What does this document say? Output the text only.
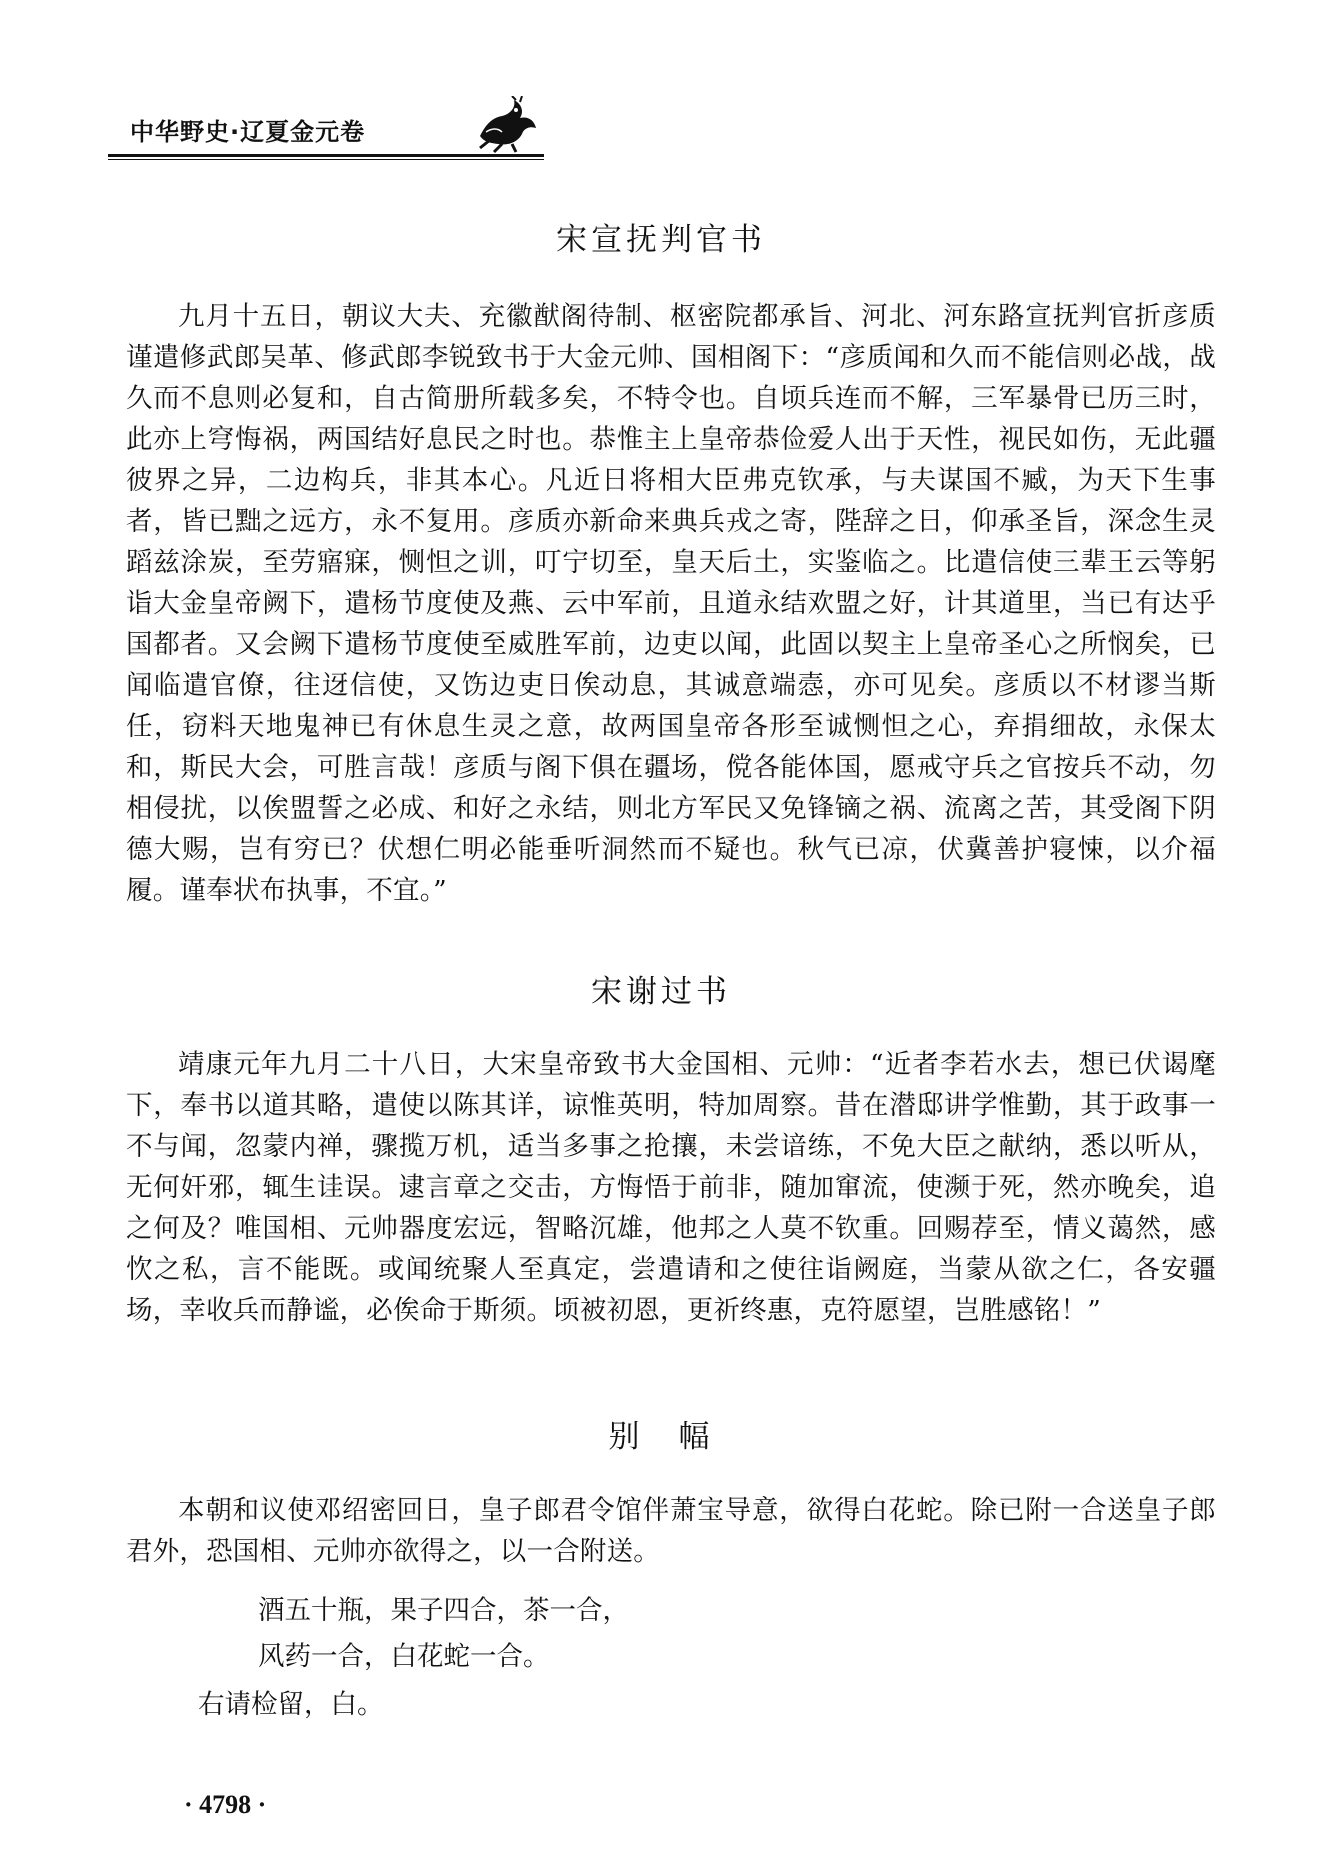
中华野史·辽夏金元卷
宋宣抚判官书
九月十五日，朝议大夫、充徽猷阁待制、枢密院都承旨、河北、河东路宣抚判官折彦质谨遣修武郎吴革、修武郎李锐致书于大金元帅、国相阁下：“彦质闻和久而不能信则必战，战久而不息则必复和，自古简册所载多矣，不特令也。自顷兵连而不解，三军暴骨已历三时，此亦上穹悔祸，两国结好息民之时也。恭惟主上皇帝恭俭爱人出于天性，视民如伤，无此疆彼界之异，二边构兵，非其本心。凡近日将相大臣弗克钦承，与夫谋国不臧，为天下生事者，皆已黜之远方，永不复用。彦质亦新命来典兵戎之寄，陛辞之日，仰承圣旨，深念生灵蹈兹涂炭，至劳寤寐，恻怛之训，叮宁切至，皇天后土，实鉴临之。比遣信使三辈王云等躬诣大金皇帝阙下，遣杨节度使及燕、云中军前，且道永结欢盟之好，计其道里，当已有达乎国都者。又会阙下遣杨节度使至威胜军前，边吏以闻，此固以契主上皇帝圣心之所悯矣，已闻临遣官僚，往迓信使，又饬边吏日俟动息，其诚意端悫，亦可见矣。彦质以不材谬当斯任，窃料天地鬼神已有休息生灵之意，故两国皇帝各形至诚恻怛之心，弃捐细故，永保太和，斯民大会，可胜言哉！彦质与阁下俱在疆场，傥各能体国，愿戒守兵之官按兵不动，勿相侵扰，以俟盟誓之必成、和好之永结，则北方军民又免锋镝之祸、流离之苦，其受阁下阴德大赐，岂有穷已？伏想仁明必能垂听洞然而不疑也。秋气已凉，伏冀善护寝悚，以介福履。谨奉状布执事，不宜。”
宋谢过书
靖康元年九月二十八日，大宋皇帝致书大金国相、元帅：“近者李若水去，想已伏谒麾下，奉书以道其略，遣使以陈其详，谅惟英明，特加周察。昔在潜邸讲学惟勤，其于政事一不与闻，忽蒙内禅，骤揽万机，适当多事之抢攘，未尝谙练，不免大臣之献纳，悉以听从，无何奸邪，辄生诖误。逮言章之交击，方悔悟于前非，随加窜流，使濒于死，然亦晚矣，追之何及？唯国相、元帅器度宏远，智略沉雄，他邦之人莫不钦重。回赐荐至，情义蔼然，感忺之私，言不能既。或闻统聚人至真定，尝遣请和之使往诣阙庭，当蒙从欲之仁，各安疆场，幸收兵而静谧，必俟命于斯须。顷被初恩，更祈终惠，克符愿望，岂胜感铭！”
别　幅
本朝和议使邓绍密回日，皇子郎君令馆伴萧宝导意，欲得白花蛇。除已附一合送皇子郎君外，恐国相、元帅亦欲得之，以一合附送。
酒五十瓶，果子四合，茶一合，
风药一合，白花蛇一合。
右请检留，白。
· 4798 ·
